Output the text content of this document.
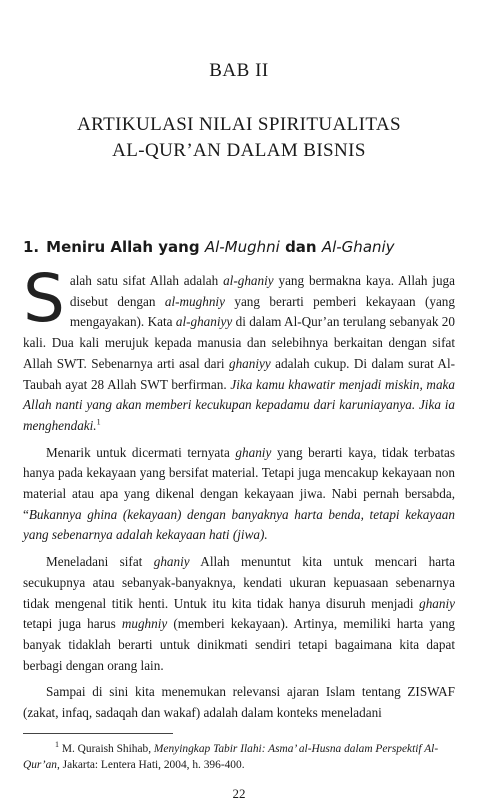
BAB II
ARTIKULASI NILAI SPIRITUALITAS
AL-QUR’AN DALAM BISNIS
1. Meniru Allah yang Al-Mughni dan Al-Ghaniy

Salah satu sifat Allah adalah al-ghaniy yang bermakna kaya. Allah juga disebut dengan al-mughniy yang berarti pemberi kekayaan (yang mengayakan). Kata al-ghaniyy di dalam Al-Qur’an terulang sebanyak 20 kali. Dua kali merujuk kepada manusia dan selebihnya berkaitan dengan sifat Allah SWT. Sebenarnya arti asal dari ghaniyy adalah cukup. Di dalam surat Al-Taubah ayat 28 Allah SWT berfirman. Jika kamu khawatir menjadi miskin, maka Allah nanti yang akan memberi kecukupan kepadamu dari karuniayanya. Jika ia menghendaki.$^1$

Menarik untuk dicermati ternyata ghaniy yang berarti kaya, tidak terbatas hanya pada kekayaan yang bersifat material. Tetapi juga mencakup kekayaan non material atau apa yang dikenal dengan kekayaan jiwa. Nabi pernah bersabda, “Bukannya ghina (kekayaan) dengan banyaknya harta benda, tetapi kekayaan yang sebenarnya adalah kekayaan hati (jiwa).

Meneladani sifat ghaniy Allah menuntut kita untuk mencari harta secukupnya atau sebanyak-banyaknya, kendati ukuran kepuasaan sebenarnya tidak mengenal titik henti. Untuk itu kita tidak hanya disuruh menjadi ghaniy tetapi juga harus mughniy (memberi kekayaan). Artinya, memiliki harta yang banyak tidaklah berarti untuk dinikmati sendiri tetapi bagaimana kita dapat berbagi dengan orang lain.

Sampai di sini kita menemukan relevansi ajaran Islam tentang ZISWAF (zakat, infaq, sadaqah dan wakaf) adalah dalam konteks meneladani

$^1$ M. Quraish Shihab, Menyingkap Tabir Ilahi: Asma’ al-Husna dalam Perspektif Al-Qur’an, Jakarta: Lentera Hati, 2004, h. 396-400.
22
